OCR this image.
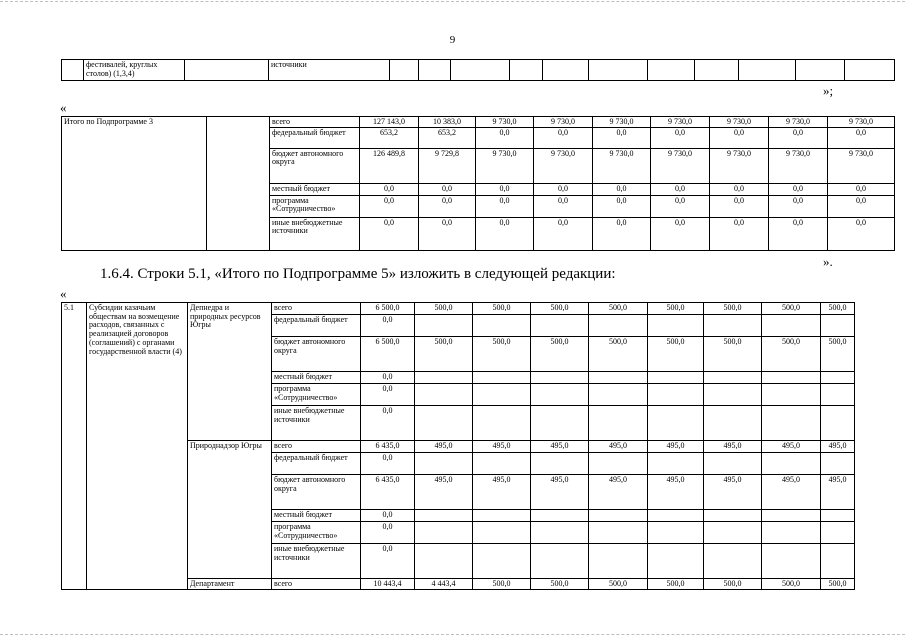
9
	фестивалей, круглых столов) (1,3,4)		источники											
«
»;
Итого по Подпрограмме 3		всего	127 143,0	10 383,0	9 730,0	9 730,0	9 730,0	9 730,0	9 730,0	9 730,0	9 730,0	
		федеральный бюджет	653,2	653,2	0,0	0,0	0,0	0,0	0,0	0,0	0,0	
		бюджет автономного округа	126 489,8	9 729,8	9 730,0	9 730,0	9 730,0	9 730,0	9 730,0	9 730,0	9 730,0	
		местный бюджет	0,0	0,0	0,0	0,0	0,0	0,0	0,0	0,0	0,0	
		программа «Сотрудничество»	0,0	0,0	0,0	0,0	0,0	0,0	0,0	0,0	0,0	
		иные внебюджетные источники	0,0	0,0	0,0	0,0	0,0	0,0	0,0	0,0	0,0	
».
1.6.4. Строки 5.1, «Итого по Подпрограмме 5» изложить в следующей редакции:
«
5.1	Субсидии казачьим обществам на возмещение расходов, связанных с реализацией договоров (соглашений) с органами государственной власти (4)	Депнедра и природных ресурсов Югры	всего	6 500,0	500,0	500,0	500,0	500,0	500,0	500,0	500,0	500,0	
			федеральный бюджет	0,0									
			бюджет автономного округа	6 500,0	500,0	500,0	500,0	500,0	500,0	500,0	500,0	500,0	
			местный бюджет	0,0									
			программа «Сотрудничество»	0,0									
			иные внебюджетные источники	0,0									
		Природнадзор Югры	всего	6 435,0	495,0	495,0	495,0	495,0	495,0	495,0	495,0	495,0	
			федеральный бюджет	0,0									
			бюджет автономного округа	6 435,0	495,0	495,0	495,0	495,0	495,0	495,0	495,0	495,0	
			местный бюджет	0,0									
			программа «Сотрудничество»	0,0									
			иные внебюджетные источники	0,0									
		Департамент	всего	10 443,4	4 443,4	500,0	500,0	500,0	500,0	500,0	500,0	500,0	
